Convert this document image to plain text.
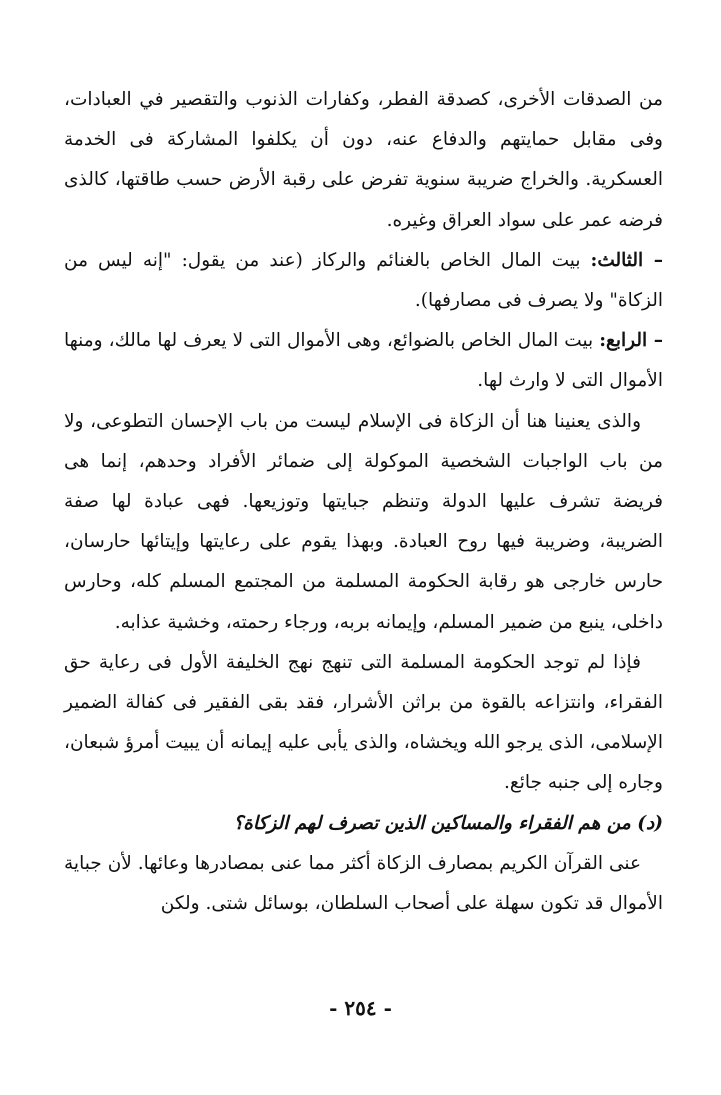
من الصدقات الأخرى، كصدقة الفطر، وكفارات الذنوب والتقصير في العبادات، وفى مقابل حمايتهم والدفاع عنه، دون أن يكلفوا المشاركة فى الخدمة العسكرية. والخراج ضريبة سنوية تفرض على رقبة الأرض حسب طاقتها، كالذى فرضه عمر على سواد العراق وغيره.

– الثالث: بيت المال الخاص بالغنائم والركاز (عند من يقول: "إنه ليس من الزكاة" ولا يصرف فى مصارفها).

– الرابع: بيت المال الخاص بالضوائع، وهى الأموال التى لا يعرف لها مالك، ومنها الأموال التى لا وارث لها.

والذى يعنينا هنا أن الزكاة فى الإسلام ليست من باب الإحسان التطوعى، ولا من باب الواجبات الشخصية الموكولة إلى ضمائر الأفراد وحدهم، إنما هى فريضة تشرف عليها الدولة وتنظم جبايتها وتوزيعها. فهى عبادة لها صفة الضريبة، وضريبة فيها روح العبادة. وبهذا يقوم على رعايتها وإيتائها حارسان، حارس خارجى هو رقابة الحكومة المسلمة من المجتمع المسلم كله، وحارس داخلى، ينبع من ضمير المسلم، وإيمانه بربه، ورجاء رحمته، وخشية عذابه.

فإذا لم توجد الحكومة المسلمة التى تنهج نهج الخليفة الأول فى رعاية حق الفقراء، وانتزاعه بالقوة من براثن الأشرار، فقد بقى الفقير فى كفالة الضمير الإسلامى، الذى يرجو الله ويخشاه، والذى يأبى عليه إيمانه أن يبيت أمرؤ شبعان، وجاره إلى جنبه جائع.

(د) من هم الفقراء والمساكين الذين تصرف لهم الزكاة؟

عنى القرآن الكريم بمصارف الزكاة أكثر مما عنى بمصادرها وعائها. لأن جباية الأموال قد تكون سهلة على أصحاب السلطان، بوسائل شتى. ولكن

- ٢٥٤ -
